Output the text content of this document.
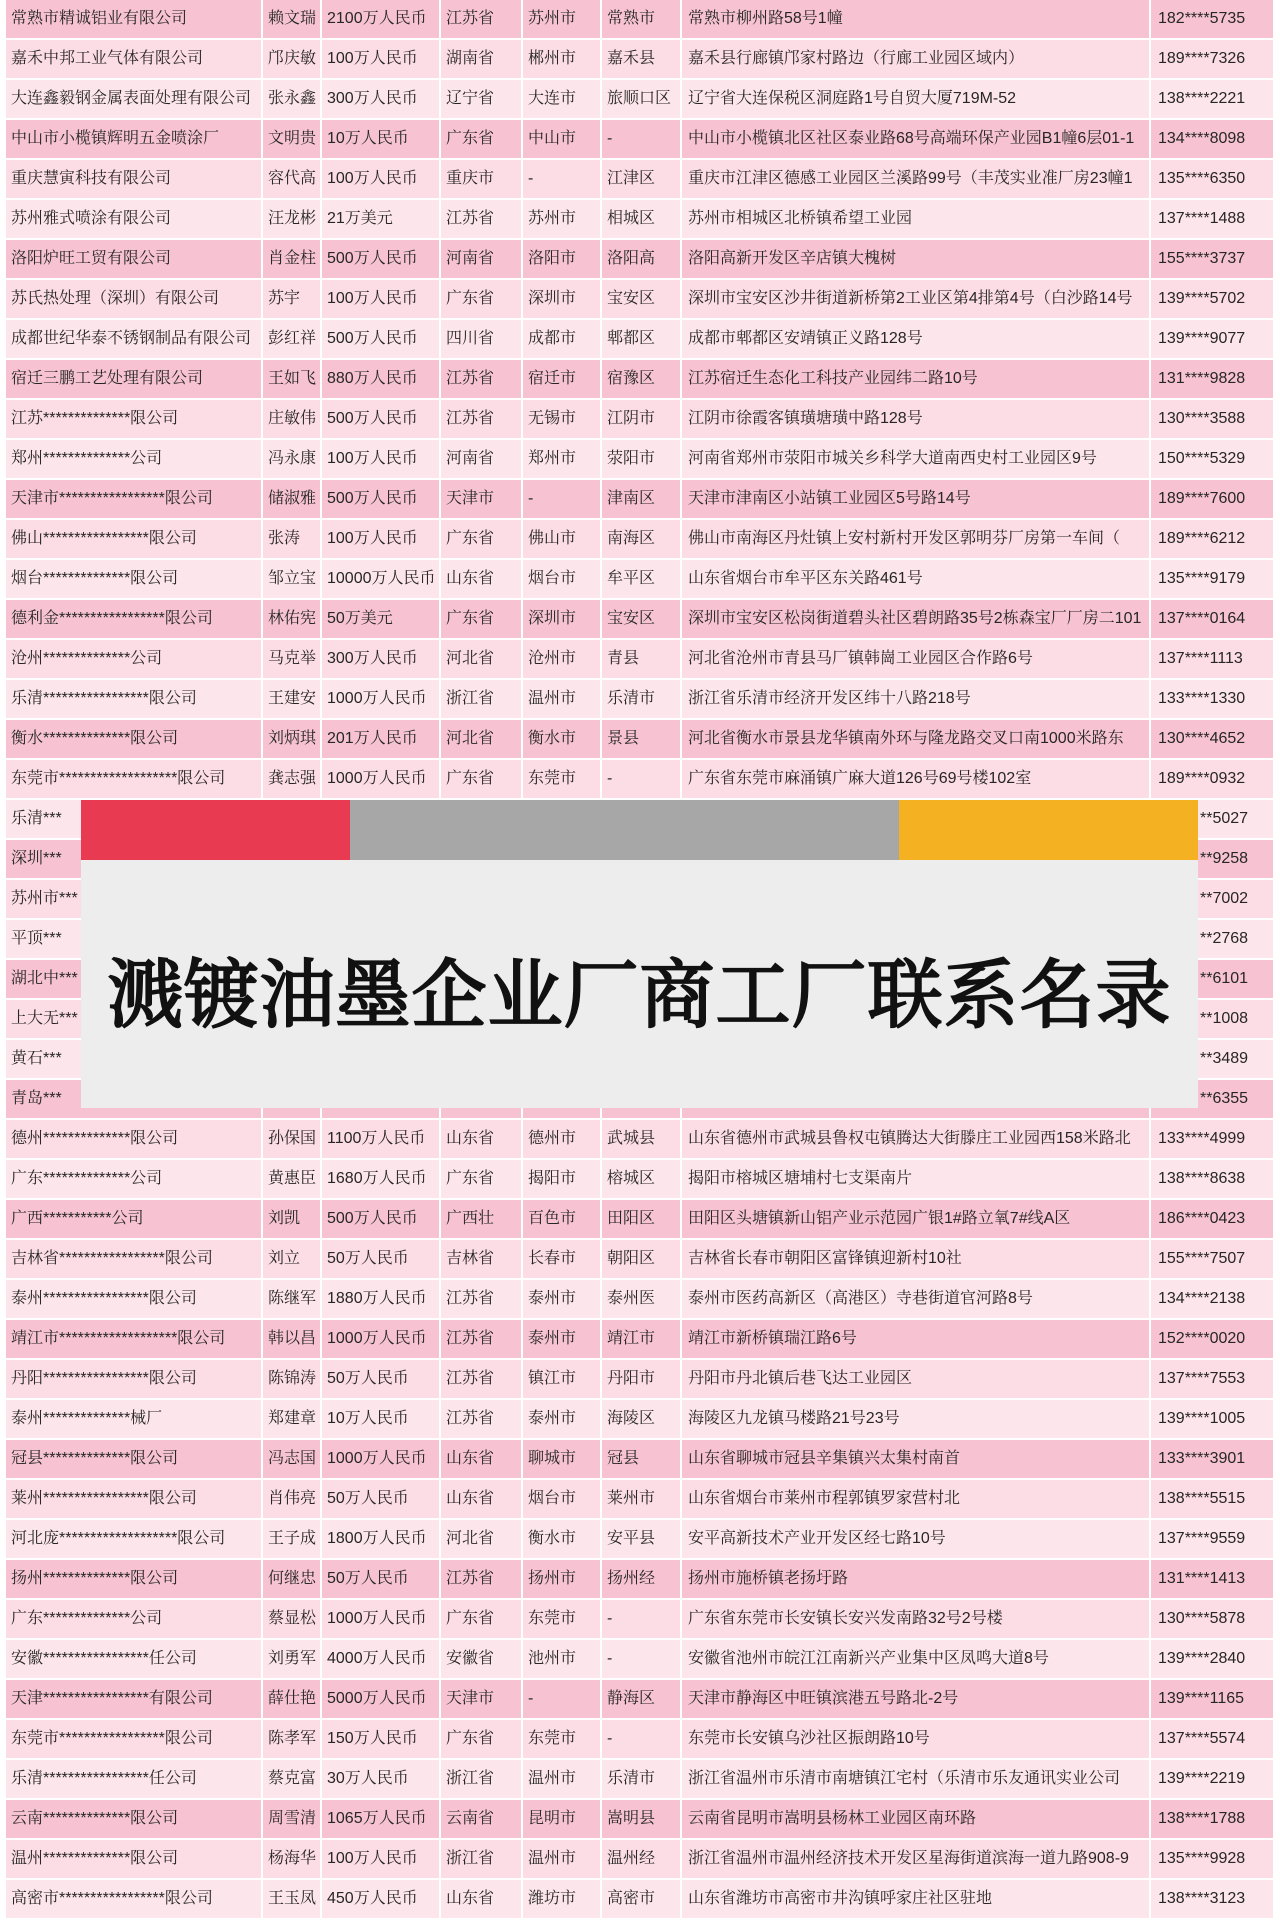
常熟市精诚铝业有限公司	赖文瑞 2100万人民币	江苏省	苏州市	常熟市	常熟市柳州路58号1幢	182****5735
嘉禾中邦工业气体有限公司	邝庆敏 100万人民币	湖南省	郴州市	嘉禾县	嘉禾县行廊镇邝家村路边（行廊工业园区域内）	189****7326
大连鑫毅钢金属表面处理有限公司	张永鑫 300万人民币	辽宁省	大连市	旅顺口区	辽宁省大连保税区洞庭路1号自贸大厦719M-52	138****2221
中山市小榄镇辉明五金喷涂厂	文明贵 10万人民币	广东省	中山市	-	中山市小榄镇北区社区泰业路68号高端环保产业园B1幢6层01-1	134****8098
重庆慧寅科技有限公司	容代高 100万人民币	重庆市	-	江津区	重庆市江津区德感工业园区兰溪路99号（丰茂实业准厂房23幢1	135****6350
苏州雅式喷涂有限公司	汪龙彬 21万美元	江苏省	苏州市	相城区	苏州市相城区北桥镇希望工业园	137****1488
洛阳炉旺工贸有限公司	肖金柱 500万人民币	河南省	洛阳市	洛阳高	洛阳高新开发区辛店镇大槐树	155****3737
苏氏热处理（深圳）有限公司	苏宇	100万人民币	广东省	深圳市	宝安区	深圳市宝安区沙井街道新桥第2工业区第4排第4号（白沙路14号	139****5702
成都世纪华泰不锈钢制品有限公司	彭红祥 500万人民币	四川省	成都市	郫都区	成都市郫都区安靖镇正义路128号	139****9077
宿迁三鹏工艺处理有限公司	王如飞 880万人民币	江苏省	宿迁市	宿豫区	江苏宿迁生态化工科技产业园纬二路10号	131****9828
江苏**************限公司	庄敏伟 500万人民币	江苏省	无锡市	江阴市	江阴市徐霞客镇璜塘璜中路128号	130****3588
郑州**************公司	冯永康 100万人民币	河南省	郑州市	荥阳市	河南省郑州市荥阳市城关乡科学大道南西史村工业园区9号	150****5329
天津市*****************限公司	储淑雅 500万人民币	天津市	-	津南区	天津市津南区小站镇工业园区5号路14号	189****7600
佛山*****************限公司	张涛	100万人民币	广东省	佛山市	南海区	佛山市南海区丹灶镇上安村新村开发区郭明芬厂房第一车间（	189****6212
烟台**************限公司	邹立宝 10000万人民币 山东省	烟台市	牟平区	山东省烟台市牟平区东关路461号	135****9179
德利金*****************限公司	林佑宪 50万美元	广东省	深圳市	宝安区	深圳市宝安区松岗街道碧头社区碧朗路35号2栋森宝厂厂房二101	137****0164
沧州**************公司	马克举 300万人民币	河北省	沧州市	青县	河北省沧州市青县马厂镇韩崗工业园区合作路6号	137****1113
乐清*****************限公司	王建安 1000万人民币	浙江省	温州市	乐清市	浙江省乐清市经济开发区纬十八路218号	133****1330
衡水**************限公司	刘炳琪 201万人民币	河北省	衡水市	景县	河北省衡水市景县龙华镇南外环与隆龙路交叉口南1000米路东	130****4652
东莞市*******************限公司	龚志强 1000万人民币	广东省	东莞市	-	广东省东莞市麻涌镇广麻大道126号69号楼102室	189****0932
乐清***	**5027
深圳***	**9258
苏州市***	**7002
平顶***	**2768
湖北中***	**6101
上大无***	**1008
黄石***	**3489
青岛***	**6355
德州**************限公司	孙保国 1100万人民币	山东省	德州市	武城县	山东省德州市武城县鲁权屯镇腾达大街滕庄工业园西158米路北	133****4999
广东**************公司	黄惠臣 1680万人民币	广东省	揭阳市	榕城区	揭阳市榕城区塘埔村七支渠南片	138****8638
广西***********公司	刘凯	500万人民币	广西壮	百色市	田阳区	田阳区头塘镇新山铝产业示范园广银1#路立氧7#线A区	186****0423
吉林省*****************限公司	刘立	50万人民币	吉林省	长春市	朝阳区	吉林省长春市朝阳区富锋镇迎新村10社	155****7507
泰州*****************限公司	陈继军 1880万人民币	江苏省	泰州市	泰州医	泰州市医药高新区（高港区）寺巷街道官河路8号	134****2138
靖江市*******************限公司	韩以昌 1000万人民币	江苏省	泰州市	靖江市	靖江市新桥镇瑞江路6号	152****0020
丹阳*****************限公司	陈锦涛 50万人民币	江苏省	镇江市	丹阳市	丹阳市丹北镇后巷飞达工业园区	137****7553
泰州**************械厂	郑建章 10万人民币	江苏省	泰州市	海陵区	海陵区九龙镇马楼路21号23号	139****1005
冠县**************限公司	冯志国 1000万人民币	山东省	聊城市	冠县	山东省聊城市冠县辛集镇兴太集村南首	133****3901
莱州*****************限公司	肖伟亮 50万人民币	山东省	烟台市	莱州市	山东省烟台市莱州市程郭镇罗家营村北	138****5515
河北庞*******************限公司	王子成 1800万人民币	河北省	衡水市	安平县	安平高新技术产业开发区经七路10号	137****9559
扬州**************限公司	何继忠 50万人民币	江苏省	扬州市	扬州经	扬州市施桥镇老扬圩路	131****1413
广东**************公司	蔡显松 1000万人民币	广东省	东莞市	-	广东省东莞市长安镇长安兴发南路32号2号楼	130****5878
安徽*****************任公司	刘勇军 4000万人民币	安徽省	池州市	-	安徽省池州市皖江江南新兴产业集中区凤鸣大道8号	139****2840
天津*****************有限公司	薛仕艳 5000万人民币	天津市	-	静海区	天津市静海区中旺镇滨港五号路北-2号	139****1165
东莞市*****************限公司	陈孝军 150万人民币	广东省	东莞市	-	东莞市长安镇乌沙社区振朗路10号	137****5574
乐清*****************任公司	蔡克富 30万人民币	浙江省	温州市	乐清市	浙江省温州市乐清市南塘镇江宅村（乐清市乐友通讯实业公司	139****2219
云南**************限公司	周雪清 1065万人民币	云南省	昆明市	嵩明县	云南省昆明市嵩明县杨林工业园区南环路	138****1788
温州**************限公司	杨海华 100万人民币	浙江省	温州市	温州经	浙江省温州市温州经济技术开发区星海街道滨海一道九路908-9	135****9928
高密市*****************限公司	王玉凤 450万人民币	山东省	潍坊市	高密市	山东省潍坊市高密市井沟镇呼家庄社区驻地	138****3123
溅镀油墨企业厂商工厂联系名录
